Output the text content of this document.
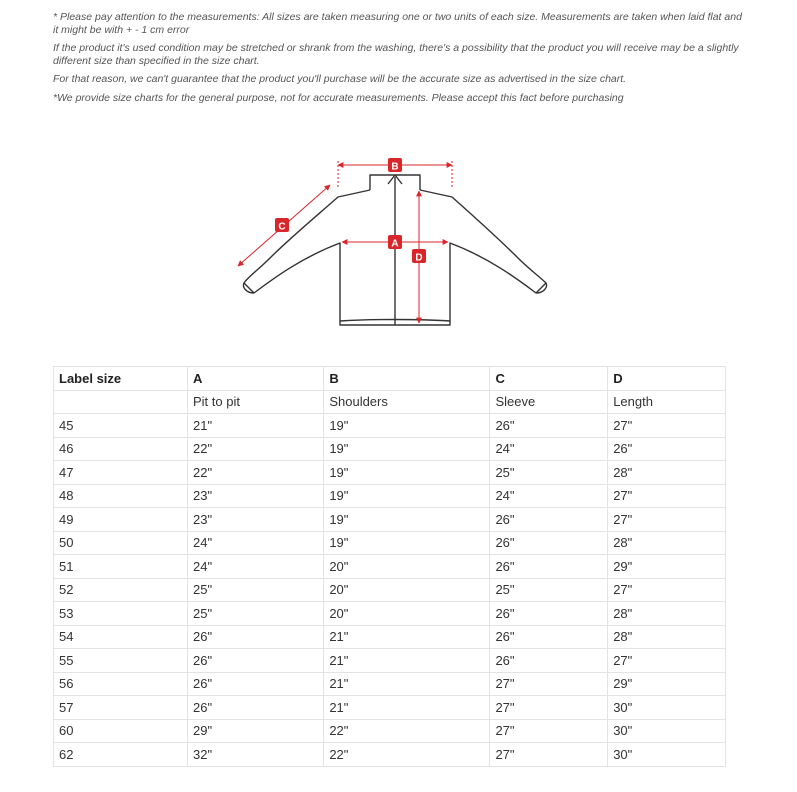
* Please pay attention to the measurements: All sizes are taken measuring one or two units of each size. Measurements are taken when laid flat and it might be with + - 1 cm error

If the product it's used condition may be stretched or shrank from the washing, there's a possibility that the product you will receive may be a slightly different size than specified in the size chart.

For that reason, we can't guarantee that the product you'll purchase will be the accurate size as advertised in the size chart.

*We provide size charts for the general purpose, not for accurate measurements. Please accept this fact before purchasing

B
C
A
D
Label size	A	B	C	D
	Pit to pit	Shoulders	Sleeve	Length
45	21"	19"	26"	27"
46	22"	19"	24"	26"
47	22"	19"	25"	28"
48	23"	19"	24"	27"
49	23"	19"	26"	27"
50	24"	19"	26"	28"
51	24"	20"	26"	29"
52	25"	20"	25"	27"
53	25"	20"	26"	28"
54	26"	21"	26"	28"
55	26"	21"	26"	27"
56	26"	21"	27"	29"
57	26"	21"	27"	30"
60	29"	22"	27"	30"
62	32"	22"	27"	30"
